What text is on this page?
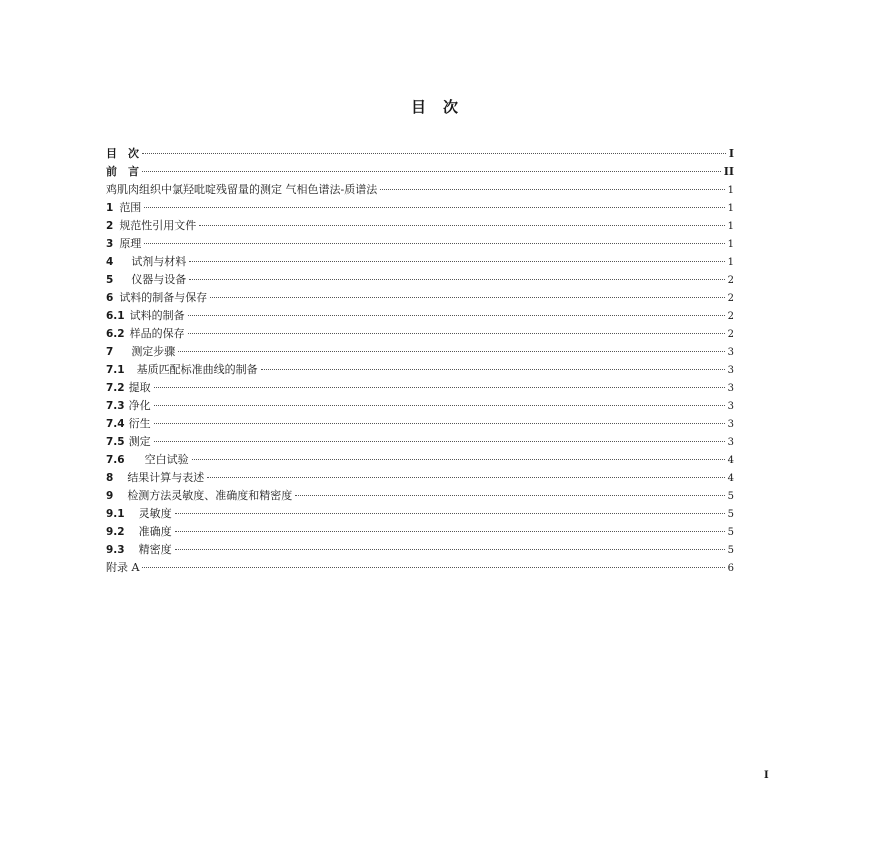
目　次
目　次	I
前　言	II
鸡肌肉组织中氯羟吡啶残留量的测定 气相色谱法-质谱法	1
1 范围	1
2 规范性引用文件	1
3 原理	1
4 试剂与材料	1
5 仪器与设备	2
6 试料的制备与保存	2
6.1 试料的制备	2
6.2 样品的保存	2
7 测定步骤	3
7.1 基质匹配标准曲线的制备	3
7.2 提取	3
7.3 净化	3
7.4 衍生	3
7.5 测定	3
7.6 空白试验	4
8 结果计算与表述	4
9 检测方法灵敏度、准确度和精密度	5
9.1 灵敏度	5
9.2 准确度	5
9.3 精密度	5
附录 A	6
I
